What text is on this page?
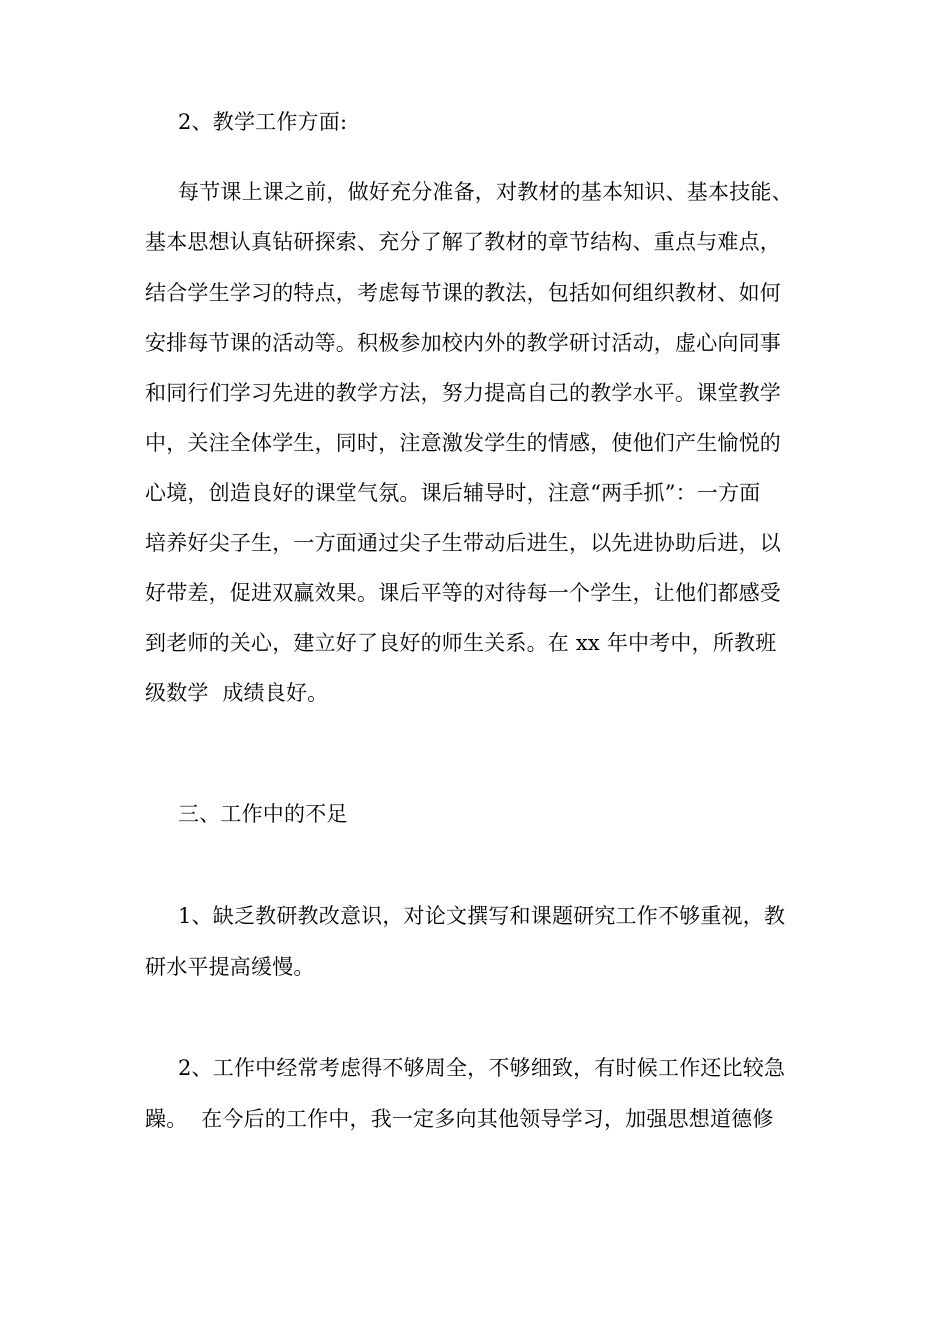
2、教学工作方面:
每节课上课之前，做好充分准备，对教材的基本知识、基本技能、
基本思想认真钻研探索、充分了解了教材的章节结构、重点与难点，
结合学生学习的特点，考虑每节课的教法，包括如何组织教材、如何
安排每节课的活动等。积极参加校内外的教学研讨活动，虚心向同事
和同行们学习先进的教学方法，努力提高自己的教学水平。课堂教学
中，关注全体学生，同时，注意激发学生的情感，使他们产生愉悦的
心境，创造良好的课堂气氛。课后辅导时，注意“两手抓”：一方面
培养好尖子生，一方面通过尖子生带动后进生，以先进协助后进，以
好带差，促进双赢效果。课后平等的对待每一个学生，让他们都感受
到老师的关心，建立好了良好的师生关系。在 xx 年中考中，所教班
级数学  成绩良好。
三、工作中的不足
1、缺乏教研教改意识，对论文撰写和课题研究工作不够重视，教
研水平提高缓慢。
2、工作中经常考虑得不够周全，不够细致，有时候工作还比较急
躁。  在今后的工作中，我一定多向其他领导学习，加强思想道德修
